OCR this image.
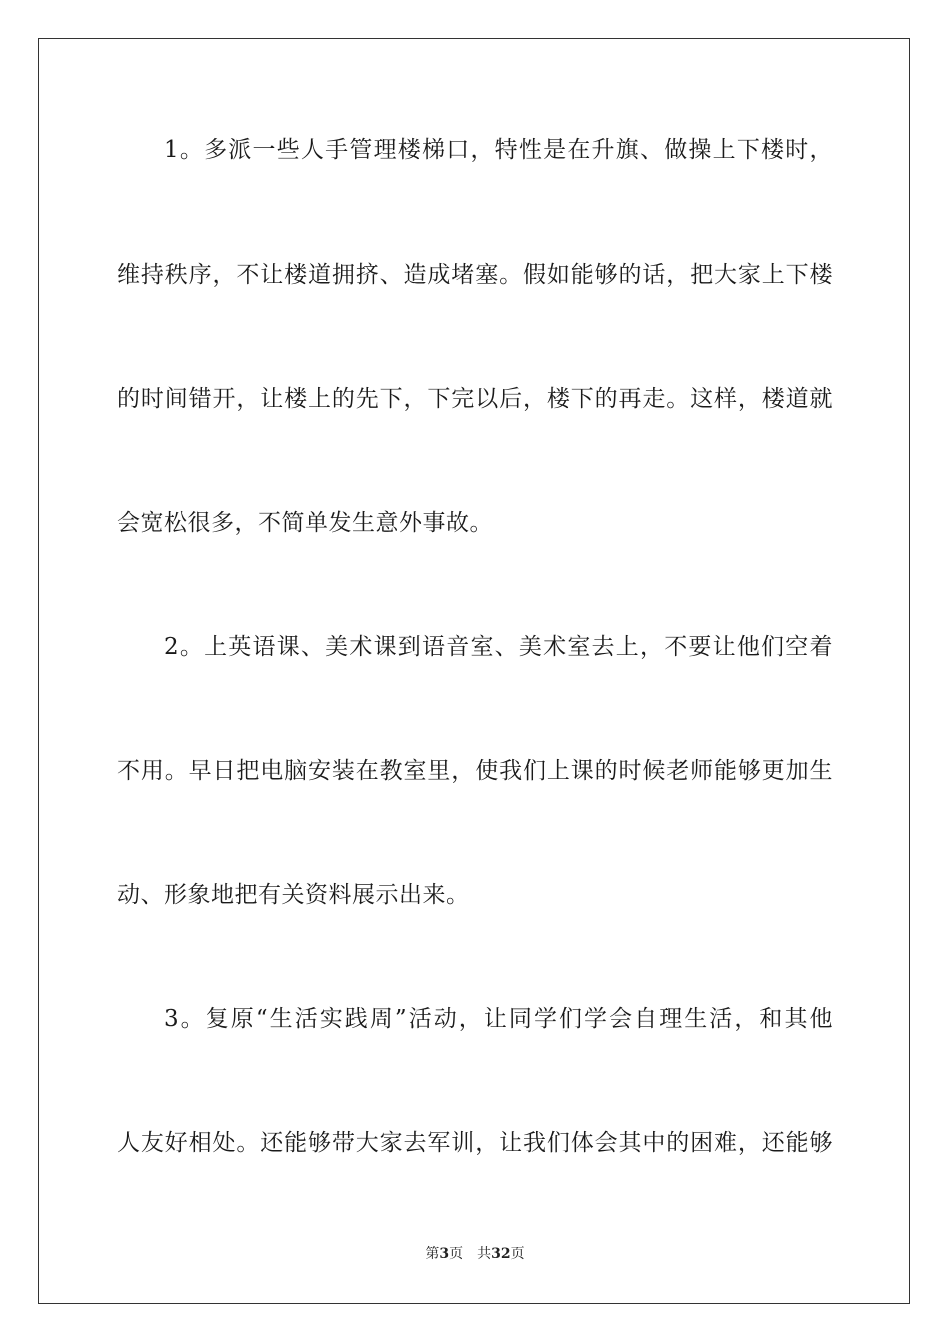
1。多派一些人手管理楼梯口，特性是在升旗、做操上下楼时，
维持秩序，不让楼道拥挤、造成堵塞。假如能够的话，把大家上下楼
的时间错开，让楼上的先下，下完以后，楼下的再走。这样，楼道就
会宽松很多，不简单发生意外事故。
2。上英语课、美术课到语音室、美术室去上，不要让他们空着
不用。早日把电脑安装在教室里，使我们上课的时候老师能够更加生
动、形象地把有关资料展示出来。
3。复原“生活实践周”活动，让同学们学会自理生活，和其他
人友好相处。还能够带大家去军训，让我们体会其中的困难，还能够
第3页 共32页
